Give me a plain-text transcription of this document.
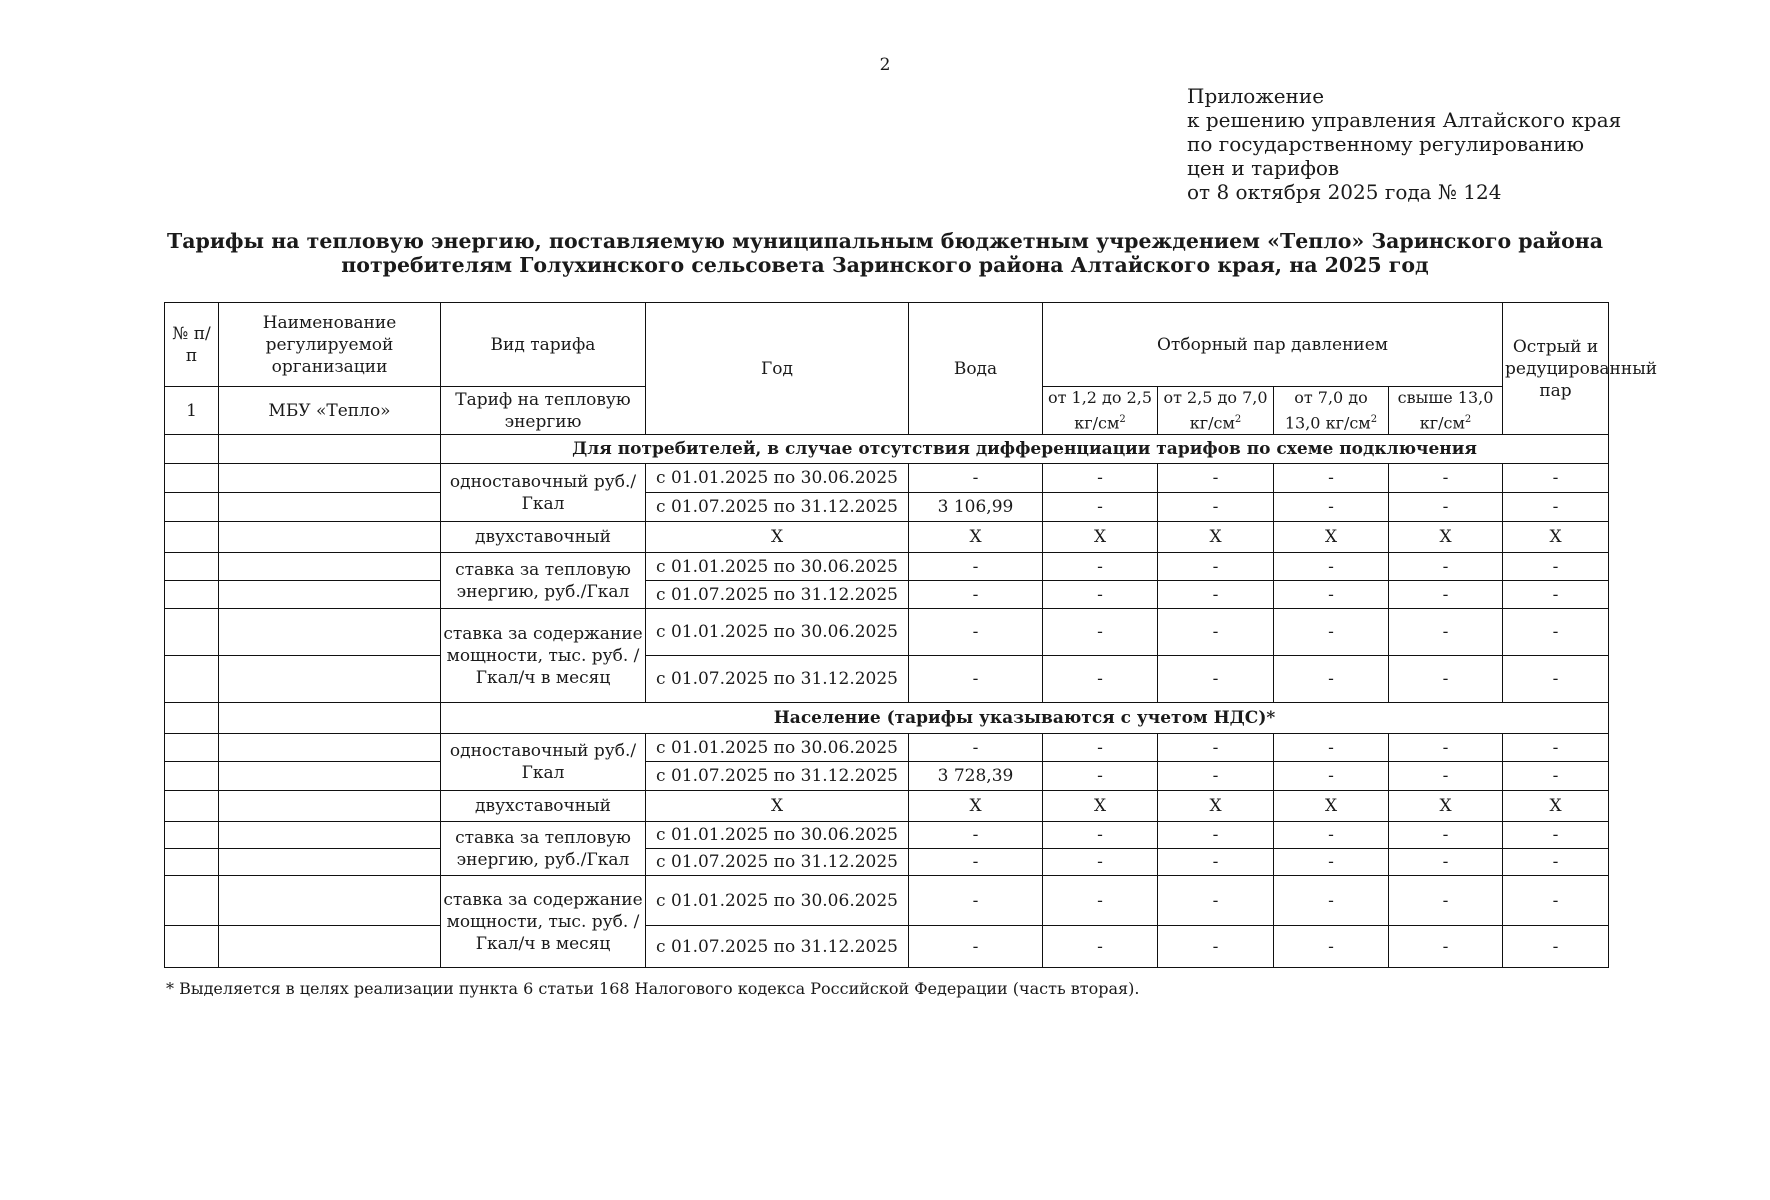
2
Приложение
к решению управления Алтайского края
по государственному регулированию
цен и тарифов
от 8 октября 2025 года № 124
Тарифы на тепловую энергию, поставляемую муниципальным бюджетным учреждением «Тепло» Заринского района
потребителям Голухинского сельсовета Заринского района Алтайского края, на 2025 год
№ п/п	Наименование регулируемой организации	Вид тарифа	Год	Вода	Отборный пар давлением				Острый и редуцированный пар
1	МБУ «Тепло»	Тариф на тепловую энергию			от 1,2 до 2,5 $кг/см^2$	от 2,5 до 7,0 $кг/см^2$	от 7,0 до 13,0 $кг/см^2$	свыше 13,0 $кг/см^2$
		Для потребителей, в случае отсутствия дифференциации тарифов по схеме подключения							
		одноставочный руб./Гкал	с 01.01.2025 по 30.06.2025	-	-	-	-	-	-
			с 01.07.2025 по 31.12.2025	3 106,99	-	-	-	-	-
		двухставочный	X	X	X	X	X	X	X
		ставка за тепловую энергию, руб./Гкал	с 01.01.2025 по 30.06.2025	-	-	-	-	-	-
			с 01.07.2025 по 31.12.2025	-	-	-	-	-	-
		ставка за содержание мощности, тыс. руб. /Гкал/ч в месяц	с 01.01.2025 по 30.06.2025	-	-	-	-	-	-
			с 01.07.2025 по 31.12.2025	-	-	-	-	-	-
		Население (тарифы указываются с учетом НДС)*							
		одноставочный руб./Гкал	с 01.01.2025 по 30.06.2025	-	-	-	-	-	-
			с 01.07.2025 по 31.12.2025	3 728,39	-	-	-	-	-
		двухставочный	X	X	X	X	X	X	X
		ставка за тепловую энергию, руб./Гкал	с 01.01.2025 по 30.06.2025	-	-	-	-	-	-
			с 01.07.2025 по 31.12.2025	-	-	-	-	-	-
		ставка за содержание мощности, тыс. руб. /Гкал/ч в месяц	с 01.01.2025 по 30.06.2025	-	-	-	-	-	-
			с 01.07.2025 по 31.12.2025	-	-	-	-	-	-
* Выделяется в целях реализации пункта 6 статьи 168 Налогового кодекса Российской Федерации (часть вторая).
